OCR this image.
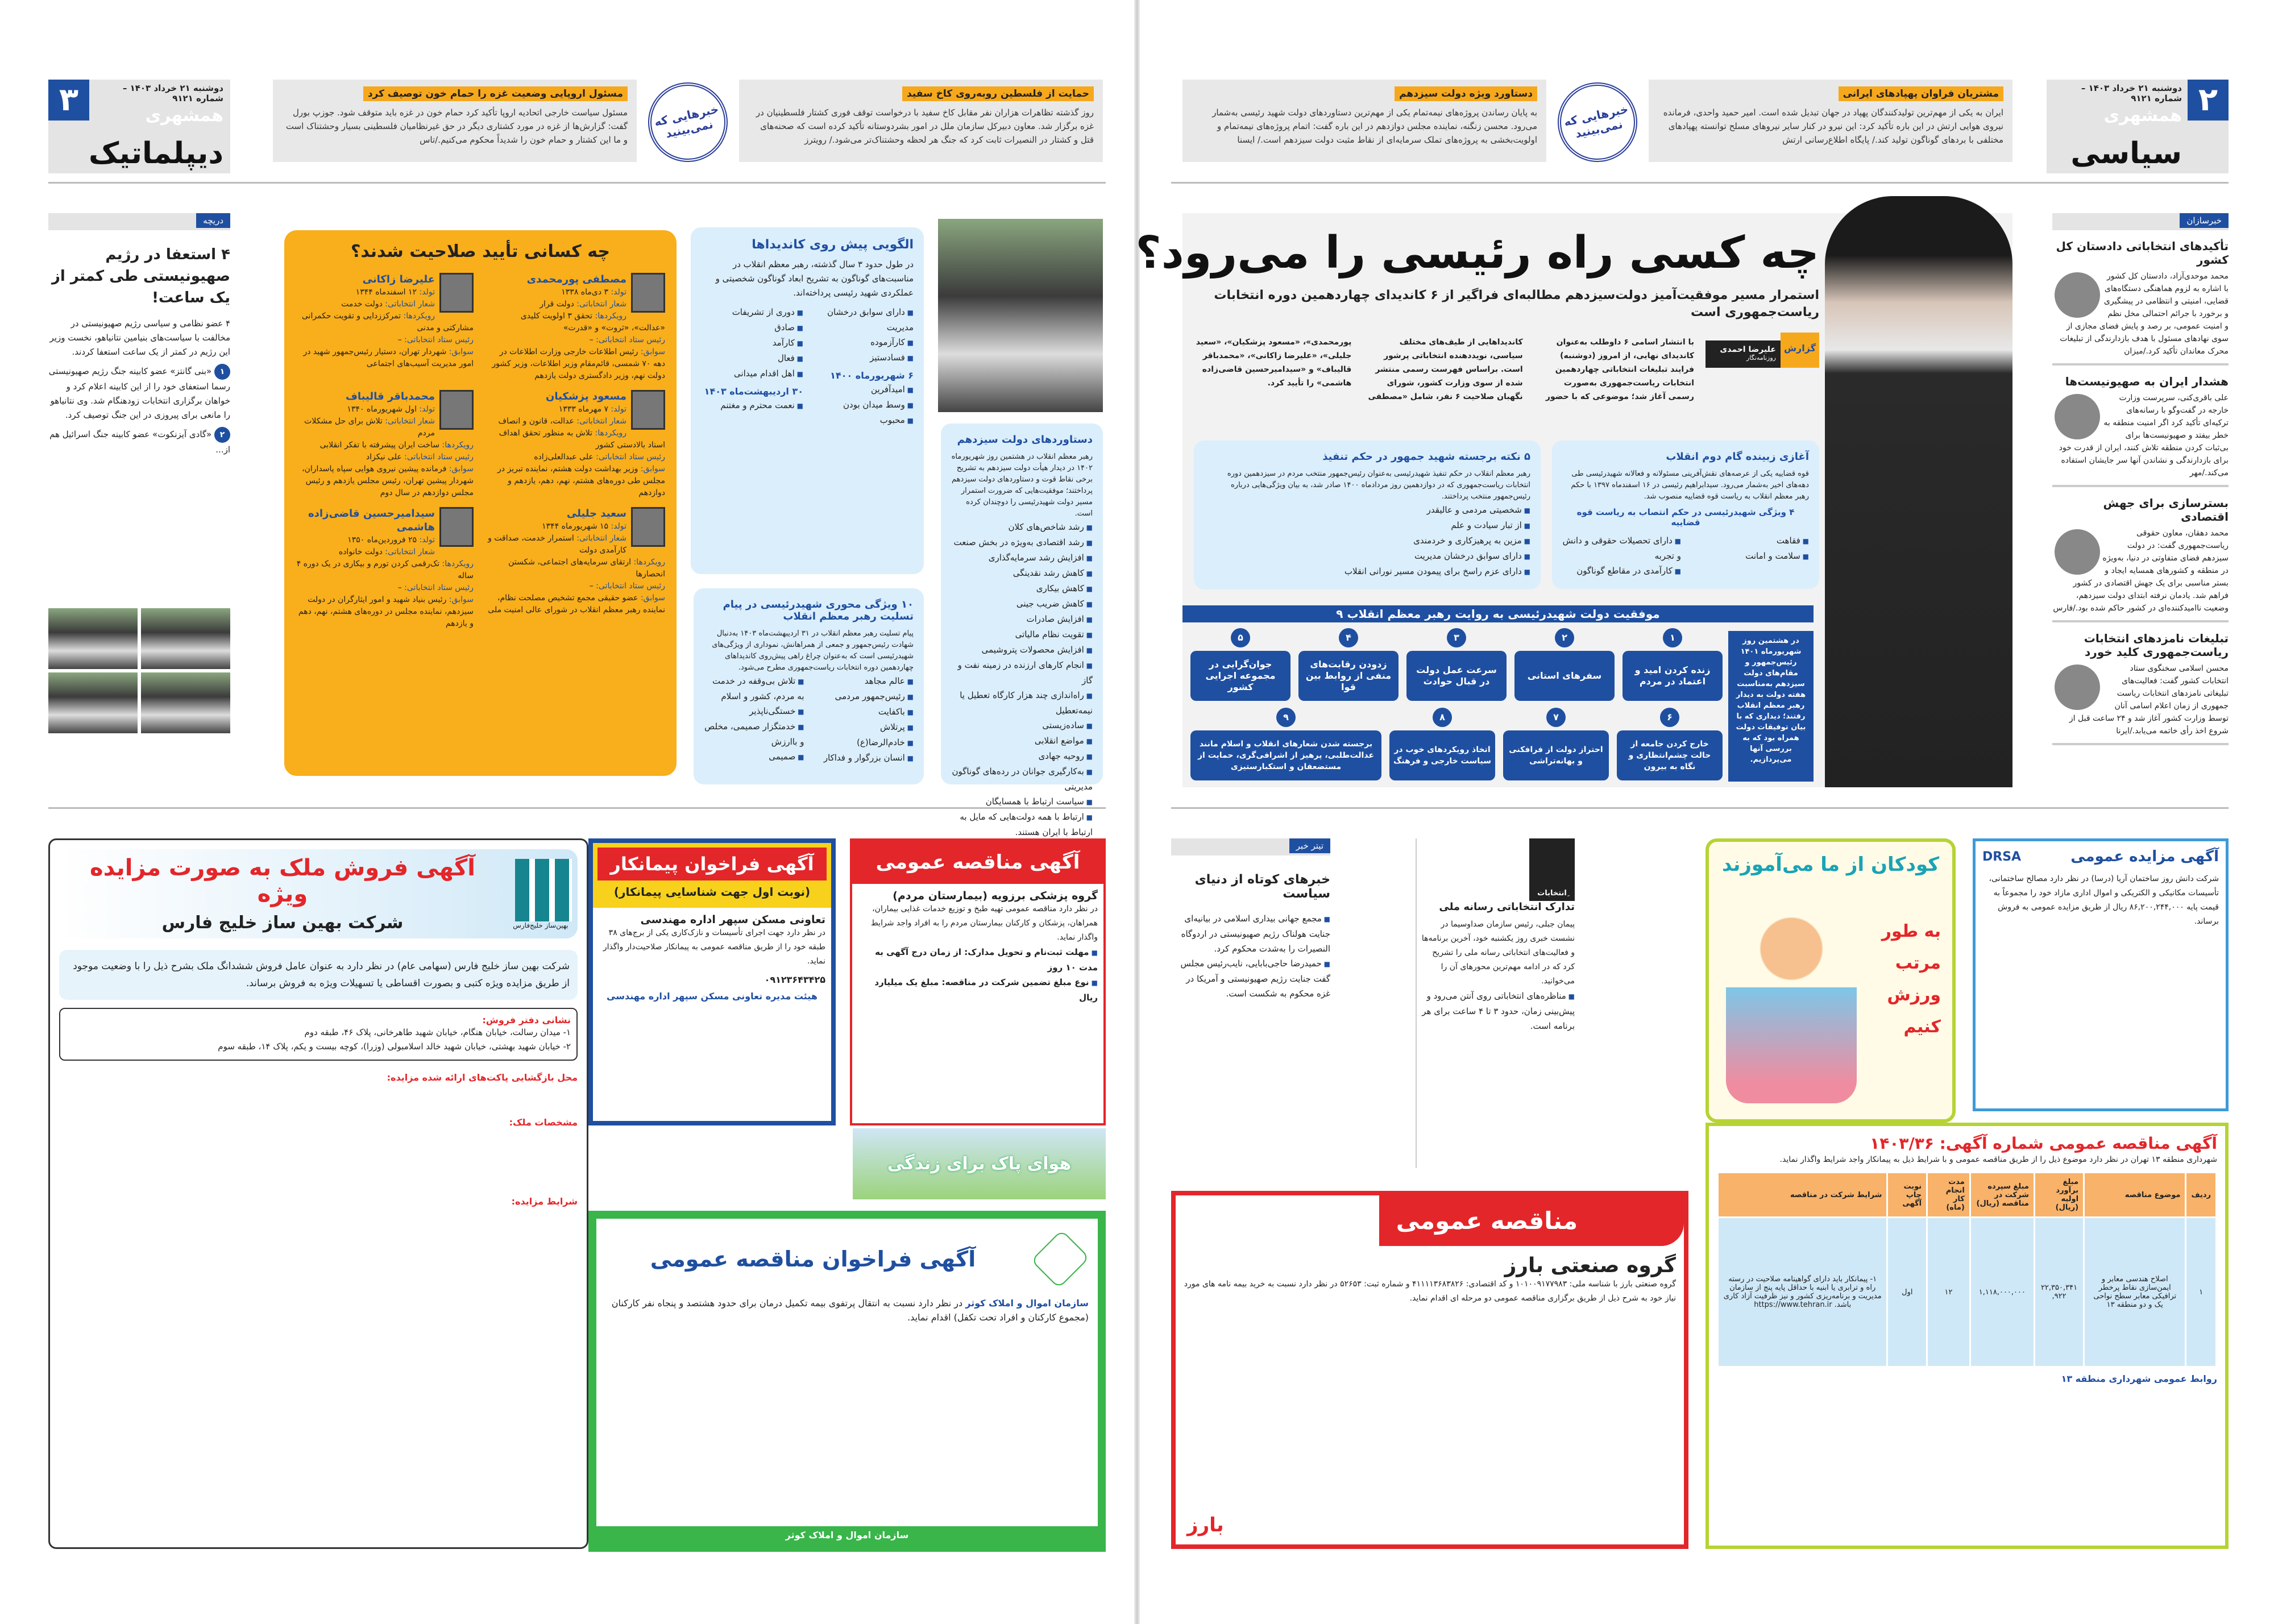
۳	دوشنبه ۲۱ خرداد ۱۴۰۳ – شماره ۹۱۲۱
همشهری
دیپلماتیک
مسئول اروپایی وضعیت غزه را حمام خون توصیف کرد
مسئول سیاست خارجی اتحادیه اروپا تأکید کرد حمام خون در غزه باید متوقف شود. جوزپ بورل گفت: گزارش‌ها از غزه در مورد کشتاری دیگر در حق غیرنظامیان فلسطینی بسیار وحشتناک است و ما این کشتار و حمام خون را شدیداً محکوم می‌کنیم./تاس
خبرهایی که نمی‌بینید
حمایت از فلسطین روبه‌روی کاخ سفید
روز گذشته تظاهرات هزاران نفر مقابل کاخ سفید با درخواست توقف فوری کشتار فلسطینیان در غزه برگزار شد. معاون دبیرکل سازمان ملل در امور بشردوستانه تأکید کرده است که صحنه‌های قتل و کشتار در النصیرات ثابت کرد که جنگ هر لحظه وحشتناک‌تر می‌شود./ رویترز
دریچه
۴ استعفا در رژیم صهیونیستی طی کمتر از یک ساعت!
۴ عضو نظامی و سیاسی رژیم صهیونیستی در مخالفت با سیاست‌های بنیامین نتانیاهو، نخست وزیر این رژیم در کمتر از یک ساعت استعفا کردند.
۱ «بنی گانتز» عضو کابینه جنگ رژیم صهیونیستی رسما استعفای خود را از این کابینه اعلام کرد و خواهان برگزاری انتخابات زودهنگام شد. وی نتانیاهو را مانعی برای پیروزی در این جنگ توصیف کرد.
۲ «گادی آیزنکوت» عضو کابینه جنگ اسرائیل هم از...
چه کسانی تأیید صلاحیت شدند؟
مصطفی پورمحمدی
تولد: ۳ دی‌ماه ۱۳۳۸
شعار انتخاباتی: دولت قرار
رویکردها: تحقق ۳ اولویت کلیدی «عدالت»، «ثروت» و «قدرت»
رئیس ستاد انتخاباتی: –
سوابق: رئیس اطلاعات خارجی وزارت اطلاعات در دهه ۷۰ شمسی، قائم‌مقام وزیر اطلاعات، وزیر کشور دولت نهم، وزیر دادگستری دولت یازدهم
علیرضا زاکانی
تولد: ۱۲ اسفندماه ۱۳۴۴
شعار انتخاباتی: دولت خدمت
رویکردها: تمرکززدایی و تقویت حکمرانی مشارکتی و مدنی
رئیس ستاد انتخاباتی: –
سوابق: شهردار تهران، دستیار رئیس‌جمهور شهید در امور مدیریت آسیب‌های اجتماعی
مسعود پزشکیان
تولد: ۷ مهرماه ۱۳۳۳
شعار انتخاباتی: عدالت، قانون و انصاف
رویکردها: تلاش به منظور تحقق اهداف اسناد بالادستی کشور
رئیس ستاد انتخاباتی: علی عبدالعلی‌زاده
سوابق: وزیر بهداشت دولت هشتم، نماینده تبریز در مجلس طی دوره‌های هشتم، نهم، دهم، یازدهم و دوازدهم
محمدباقر قالیباف
تولد: اول شهریورماه ۱۳۴۰
شعار انتخاباتی: تلاش برای حل مشکلات مردم
رویکردها: ساخت ایران پیشرفته با تفکر انقلابی
رئیس ستاد انتخاباتی: علی نیکزاد
سوابق: فرمانده پیشین نیروی هوایی سپاه پاسداران، شهردار پیشین تهران، رئیس مجلس یازدهم و رئیس مجلس دوازدهم در سال دوم
سعید جلیلی
تولد: ۱۵ شهریورماه ۱۳۴۴
شعار انتخاباتی: استمرار خدمت، صداقت و کارآمدی دولت
رویکردها: ارتقای سرمایه‌های اجتماعی، شکستن انحصارها
رئیس ستاد انتخاباتی: –
سوابق: عضو حقیقی مجمع تشخیص مصلحت نظام، نماینده رهبر معظم انقلاب در شورای عالی امنیت ملی
سیدامیرحسین قاضی‌زاده هاشمی
تولد: ۲۵ فروردین‌ماه ۱۳۵۰
شعار انتخاباتی: دولت خانواده
رویکردها: تک‌رقمی کردن تورم و بیکاری در یک دوره ۴ ساله
رئیس ستاد انتخاباتی: –
سوابق: رئیس بنیاد شهید و امور ایثارگران در دولت سیزدهم، نماینده مجلس در دوره‌های هشتم، نهم، دهم و یازدهم
الگویی پیش روی کاندیداها
در طول حدود ۳ سال گذشته، رهبر معظم انقلاب در مناسبت‌های گوناگون به تشریح ابعاد گوناگون شخصیتی و عملکردی شهید رئیسی پرداخته‌اند.
■ دارای سوابق درخشان مدیریت
■ کارآزموده
■ فسادستیز
۶ شهریورماه ۱۴۰۰
■ امیدآفرین
■ وسط میدان بودن
■ محبوب
■ دوری از تشریفات
■ صادق
■ کارآمد
■ فعال
■ اهل اقدام میدانی
۳۰ اردیبهشت‌ماه ۱۴۰۳
■ نعمت محترم و مغتنم
۱۰ ویژگی محوری شهیدرئیسی در پیام تسلیت رهبر معظم انقلاب
پیام تسلیت رهبر معظم انقلاب در ۳۱ اردیبهشت‌ماه ۱۴۰۳ به‌دنبال شهادت رئیس‌جمهور و جمعی از همراهانش، نموداری از ویژگی‌های شهیدرئیسی است که به‌عنوان چراغ راهی پیش‌روی کاندیداهای چهاردهمین دوره انتخابات ریاست‌جمهوری مطرح می‌شود.
■ عالم مجاهد
■ رئیس‌جمهور مردمی
■ باکفایت
■ پرتلاش
■ خادم‌الرضا(ع)
■ انسان بزرگوار و فداکار
■ تلاش بی‌وقفه در خدمت به مردم، کشور و اسلام
■ خستگی‌ناپذیر
■ خدمتگزار صمیمی، مخلص و باارزش
■ صمیمی
دستاوردهای دولت سیزدهم
رهبر معظم انقلاب در هشتمین روز شهریورماه ۱۴۰۲ در دیدار هیأت دولت سیزدهم به تشریح برخی نقاط قوت و دستاوردهای دولت سیزدهم پرداختند؛ موفقیت‌هایی که ضرورت استمرار مسیر دولت شهیدرئیسی را دوچندان کرده است.
■ رشد شاخص‌های کلان
■ رشد اقتصادی به‌ویژه در بخش صنعت
■ افزایش رشد سرمایه‌گذاری
■ کاهش رشد نقدینگی
■ کاهش بیکاری
■ کاهش ضریب جینی
■ افزایش صادرات
■ تقویت نظام مالیاتی
■ افزایش محصولات پتروشیمی
■ انجام کارهای ارزنده در زمینه نفت و گاز
■ راه‌اندازی چند هزار کارگاه تعطیل یا نیمه‌تعطیل
■ ساده‌زیستی
■ مواضع انقلابی
■ روحیه جهادی
■ به‌کارگیری جوانان در رده‌های گوناگون مدیریتی
■ سیاست ارتباط با همسایگان
■ ارتباط با همه دولت‌هایی که مایل به ارتباط با ایران هستند.
بهین‌ساز خلیج‌فارس
آگهی فروش ملک به صورت مزایده ویژه
شرکت بهین ساز خلیج فارس
شرکت بهین ساز خلیج فارس (سهامی عام) در نظر دارد به عنوان عامل فروش ششدانگ ملک بشرح ذیل را با وضعیت موجود از طریق مزایده ویژه کتبی و بصورت اقساطی یا تسهیلات ویژه به فروش برساند.
نشانی دفتر فروش:
۱- میدان رسالت، خیابان هنگام، خیابان شهید طاهرخانی، پلاک ۴۶، طبقه دوم
۲- خیابان شهید بهشتی، خیابان شهید خالد اسلامبولی (وزرا)، کوچه بیست و یکم، پلاک ۱۴، طبقه سوم
محل بازگشایی پاکت‌های ارائه شده مزایده:
مشخصات ملک:
شرایط مزایده:
آگهی فراخوان پیمانکار
(نوبت اول جهت شناسایی پیمانکار)
تعاونی مسکن سپهر اداره مهندسی
در نظر دارد جهت اجرای تأسیسات و نازک‌کاری یکی از برج‌های ۳۸ طبقه خود را از طریق مناقصه عمومی به پیمانکار صلاحیت‌دار واگذار نماید.
۰۹۱۲۳۶۴۳۴۲۵
هیئت مدیره تعاونی مسکن سپهر اداره مهندسی
آگهی مناقصه عمومی
گروه پزشکی برزویه (بیمارستان مردم)
در نظر دارد مناقصه عمومی تهیه طبخ و توزیع خدمات غذایی بیماران، همراهان، پزشکان و کارکنان بیمارستان مردم را به افراد واجد شرایط واگذار نماید.
■ مهلت ثبت‌نام و تحویل مدارک: از زمان درج آگهی به مدت ۱۰ روز
■ نوع مبلغ تضمین شرکت در مناقصه: مبلغ یک میلیارد ریال
هوای پاک برای زندگی
آگهی فراخوان مناقصه عمومی
سازمان اموال و املاک کوثر در نظر دارد نسبت به انتقال پرتفوی بیمه تکمیل درمان برای حدود هشتصد و پنجاه نفر کارکنان (مجموع کارکنان و افراد تحت تکفل) اقدام نماید.
سازمان اموال و املاک کوثر
دستاورد ویژه دولت سیزدهم
به پایان رساندن پروژه‌های نیمه‌تمام یکی از مهم‌ترین دستاوردهای دولت شهید رئیسی به‌شمار می‌رود. محسن زنگنه، نماینده مجلس دوازدهم در این باره گفت: اتمام پروژه‌های نیمه‌تمام و اولویت‌بخشی به پروژه‌های تملک سرمایه‌ای از نقاط مثبت دولت سیزدهم است./ ایسنا
خبرهایی که نمی‌بینید
مشتریان فراوان پهپادهای ایرانی
ایران به یکی از مهم‌ترین تولیدکنندگان پهپاد در جهان تبدیل شده است. امیر حمید واحدی، فرمانده نیروی هوایی ارتش در این باره تأکید کرد: این نیرو در کنار سایر نیروهای مسلح توانسته پهپادهای مختلفی با بردهای گوناگون تولید کند./ پایگاه اطلاع‌رسانی ارتش
۲
دوشنبه ۲۱ خرداد ۱۴۰۳ – شماره ۹۱۲۱
همشهری
سیاسی
چه کسی راه رئیسی را می‌رود؟
استمرار مسیر موفقیت‌آمیز دولت‌سیزدهم مطالبه‌ای فراگیر از ۶ کاندیدای چهاردهمین دوره انتخابات ریاست‌جمهوری است
گزارش
علیرضا احمدی
روزنامه‌نگار
با انتشار اسامی ۶ داوطلب به‌عنوان کاندیدای نهایی، از امروز (دوشنبه) فرایند تبلیغات انتخاباتی چهاردهمین انتخابات ریاست‌جمهوری به‌صورت رسمی آغاز شد؛ موضوعی که با حضور کاندیداهایی از طیف‌های مختلف سیاسی، نویددهنده انتخاباتی پرشور است. براساس فهرست رسمی منتشر شده از سوی وزارت کشور، شورای نگهبان صلاحیت ۶ نفر، شامل «مصطفی پورمحمدی»، «مسعود پزشکیان»، «سعید جلیلی»، «علیرضا زاکانی»، «محمدباقر قالیباف» و «سیدامیرحسین قاضی‌زاده هاشمی» را تأیید کرد.
آغازی زبینده گام دوم انقلاب
قوه قضاییه یکی از عرصه‌های نقش‌آفرینی مسئولانه و فعالانه شهیدرئیسی طی دهه‌های اخیر به‌شمار می‌رود. سیدابراهیم رئیسی در ۱۶ اسفندماه ۱۳۹۷ با حکم رهبر معظم انقلاب به ریاست قوه قضاییه منصوب شد.
۴ ویژگی شهیدرئیسی در حکم انتصاب به ریاست قوه قضاییه
■ فقاهت
■ سلامت و امانت
■ دارای تحصیلات حقوقی و دانش و تجربه
■ کارآمدی در مقاطع گوناگون
۵ نکته برجسته شهید جمهور در حکم تنفیذ
رهبر معظم انقلاب در حکم تنفیذ شهیدرئیسی به‌عنوان رئیس‌جمهور منتخب مردم در سیزدهمین دوره انتخابات ریاست‌جمهوری که در دوازدهمین روز مردادماه ۱۴۰۰ صادر شد، به بیان ویژگی‌هایی درباره رئیس‌جمهور منتخب پرداختند.
■ شخصیتی مردمی و عالیقدر
■ از تبار سیادت و علم
■ مزین به پرهیزکاری و خردمندی
■ دارای سوابق درخشان مدیریت
■ دارای عزم راسخ برای پیمودن مسیر نورانی انقلاب
۹ موفقیت دولت شهیدرئیسی به روایت رهبر معظم انقلاب
در هشتمین روز شهریورماه ۱۴۰۱ رئیس‌جمهور و مقام‌های دولت سیزدهم به‌مناسبت هفته دولت به دیدار رهبر معظم انقلاب رفتند؛ دیداری که با بیان توفیقات دولت همراه بود که به بررسی آنها می‌پردازیم.
۱
زنده کردن امید و اعتماد در مردم
۲
سفرهای استانی
۳
سرعت عمل دولت در قبال حوادث
۴
زدودن رقابت‌های منفی از روابط بین قوا
۵
جوان‌گرایی در مجموعه اجرایی کشور
۶
خارج کردن جامعه از حالت چشم‌انتظاری و نگاه به بیرون
۷
احتراز دولت از فرافکنی و بهانه‌تراشی
۸
اتخاذ رویکردهای خوب در سیاست خارجی و فرهنگ
۹
برجسته شدن شعارهای انقلاب و اسلام مانند عدالت‌طلبی، پرهیز از اشرافی‌گری، حمایت از مستضعفان و استکبارستیزی
خبرسازان
تأکیدهای انتخاباتی دادستان کل کشور
محمد موحدی‌آزاد، دادستان کل کشور با اشاره به لزوم هماهنگی دستگاه‌های قضایی، امنیتی و انتظامی در پیشگیری و برخورد با جرائم احتمالی مخل نظم و امنیت عمومی، بر رصد و پایش فضای مجازی از سوی نهادهای مسئول با هدف بازدارندگی از تبلیغات محرک معاندان تأکید کرد./میزان
هشدار ایران به صهیونیست‌ها
علی باقری‌کنی، سرپرست وزارت خارجه در گفت‌وگو با رسانه‌های ترکیه‌ای تأکید کرد اگر امنیت منطقه به خطر بیفتد و صهیونیست‌ها برای بی‌ثبات کردن منطقه تلاش کنند، ایران از قدرت خود برای بازدارندگی و نشاندن آنها سر جایشان استفاده می‌کند./مهر
بسترسازی برای جهش اقتصادی
محمد دهقان، معاون حقوقی ریاست‌جمهوری گفت: در دولت سیزدهم فضای متفاوتی در دنیا، به‌ویژه در منطقه و کشورهای همسایه ایجاد و بستر مناسبی برای یک جهش اقتصادی در کشور فراهم شد. یادمان نرفته ابتدای دولت سیزدهم، وضعیت ناامیدکننده‌ای در کشور حاکم شده بود./فارس
تبلیغات نامزدهای انتخابات ریاست‌جمهوری کلید خورد
محسن اسلامی سخنگوی ستاد انتخابات کشور گفت: فعالیت‌های تبلیغاتی نامزدهای انتخابات ریاست جمهوری از زمان اعلام اسامی آنان توسط وزارت کشور آغاز شد و ۲۴ ساعت قبل از شروع اخذ رأی خاتمه می‌یابد./ایرنا
تیتر خبر
خبرهای کوتاه از دنیای سیاست
■ مجمع جهانی بیداری اسلامی در بیانیه‌ای جنایت هولناک رژیم صهیونیستی در اردوگاه النصیرات را به‌شدت محکوم کرد.
■ حمیدرضا حاجی‌بابایی، نایب‌رئیس مجلس گفت جنایت رژیم صهیونیستی و آمریکا در غزه محکوم به شکست است.
ِانتخابات
تدارک انتخاباتی رسانه ملی
پیمان جبلی، رئیس سازمان صداوسیما در نشست خبری روز یکشنبه خود، آخرین برنامه‌ها و فعالیت‌های انتخاباتی رسانه ملی را تشریح کرد که در ادامه مهم‌ترین محورهای آن را می‌خوانید.
■ مناظره‌های انتخاباتی روی آنتن می‌رود و پیش‌بینی زمان، حدود ۳ تا ۴ ساعت برای هر برنامه است.
کودکان از ما می‌آموزند
به طور مرتب ورزش کنیم
آگهی مزایده عمومی
DRSA
شرکت دانش روز ساختمان آریا (درسا) در نظر دارد مصالح ساختمانی، تأسیسات مکانیکی و الکتریکی و اموال اداری مازاد خود را مجموعاً به قیمت پایه ۸۶,۲۰۰,۲۴۴,۰۰۰ ریال از طریق مزایده عمومی به فروش برساند.
مناقصه عمومی
گروه صنعتی بارز
گروه صنعتی بارز با شناسه ملی: ۱۰۱۰۰۹۱۷۷۹۸۳ و کد اقتصادی: ۴۱۱۱۱۳۶۸۳۸۲۶ و شماره ثبت: ۵۲۶۵۳ در نظر دارد نسبت به خرید بیمه نامه های مورد نیاز خود به شرح ذیل از طریق برگزاری مناقصه عمومی دو مرحله ای اقدام نماید.
بارز
آگهی مناقصه عمومی شماره آگهی: ۱۴۰۳/۳۶
شهرداری منطقه ۱۳ تهران در نظر دارد موضوع ذیل را از طریق مناقصه عمومی و با شرایط ذیل به پیمانکار واجد شرایط واگذار نماید.
ردیف	موضوع مناقصه	مبلغ برآورد اولیه (ریال)	مبلغ سپرده شرکت در مناقصه (ریال)	مدت انجام کار (ماه)	نوبت چاپ آگهی	شرایط شرکت در مناقصه
۱	اصلاح هندسی معابر و ایمن‌سازی نقاط پرخطر ترافیکی معابر سطح نواحی یک و دو منطقه ۱۳	۲۲,۳۵۰,۳۴۱,۹۲۲	۱,۱۱۸,۰۰۰,۰۰۰	۱۲	اول	۱- پیمانکار باید دارای گواهینامه صلاحیت در رسته راه و ترابری یا ابنیه با حداقل پایه پنج از سازمان مدیریت و برنامه‌ریزی کشور و نیز ظرفیت آزاد کاری باشد. https://www.tehran.ir
روابط عمومی شهرداری منطقه ۱۳
